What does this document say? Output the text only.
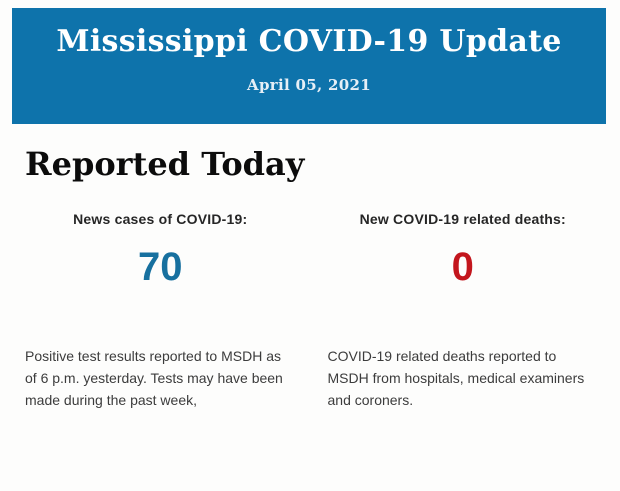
Mississippi COVID-19 Update
April 05, 2021
Reported Today
News cases of COVID-19:
70

Positive test results reported to MSDH as of 6 p.m. yesterday. Tests may have been made during the past week,

New COVID-19 related deaths:
0

COVID-19 related deaths reported to MSDH from hospitals, medical examiners and coroners.
